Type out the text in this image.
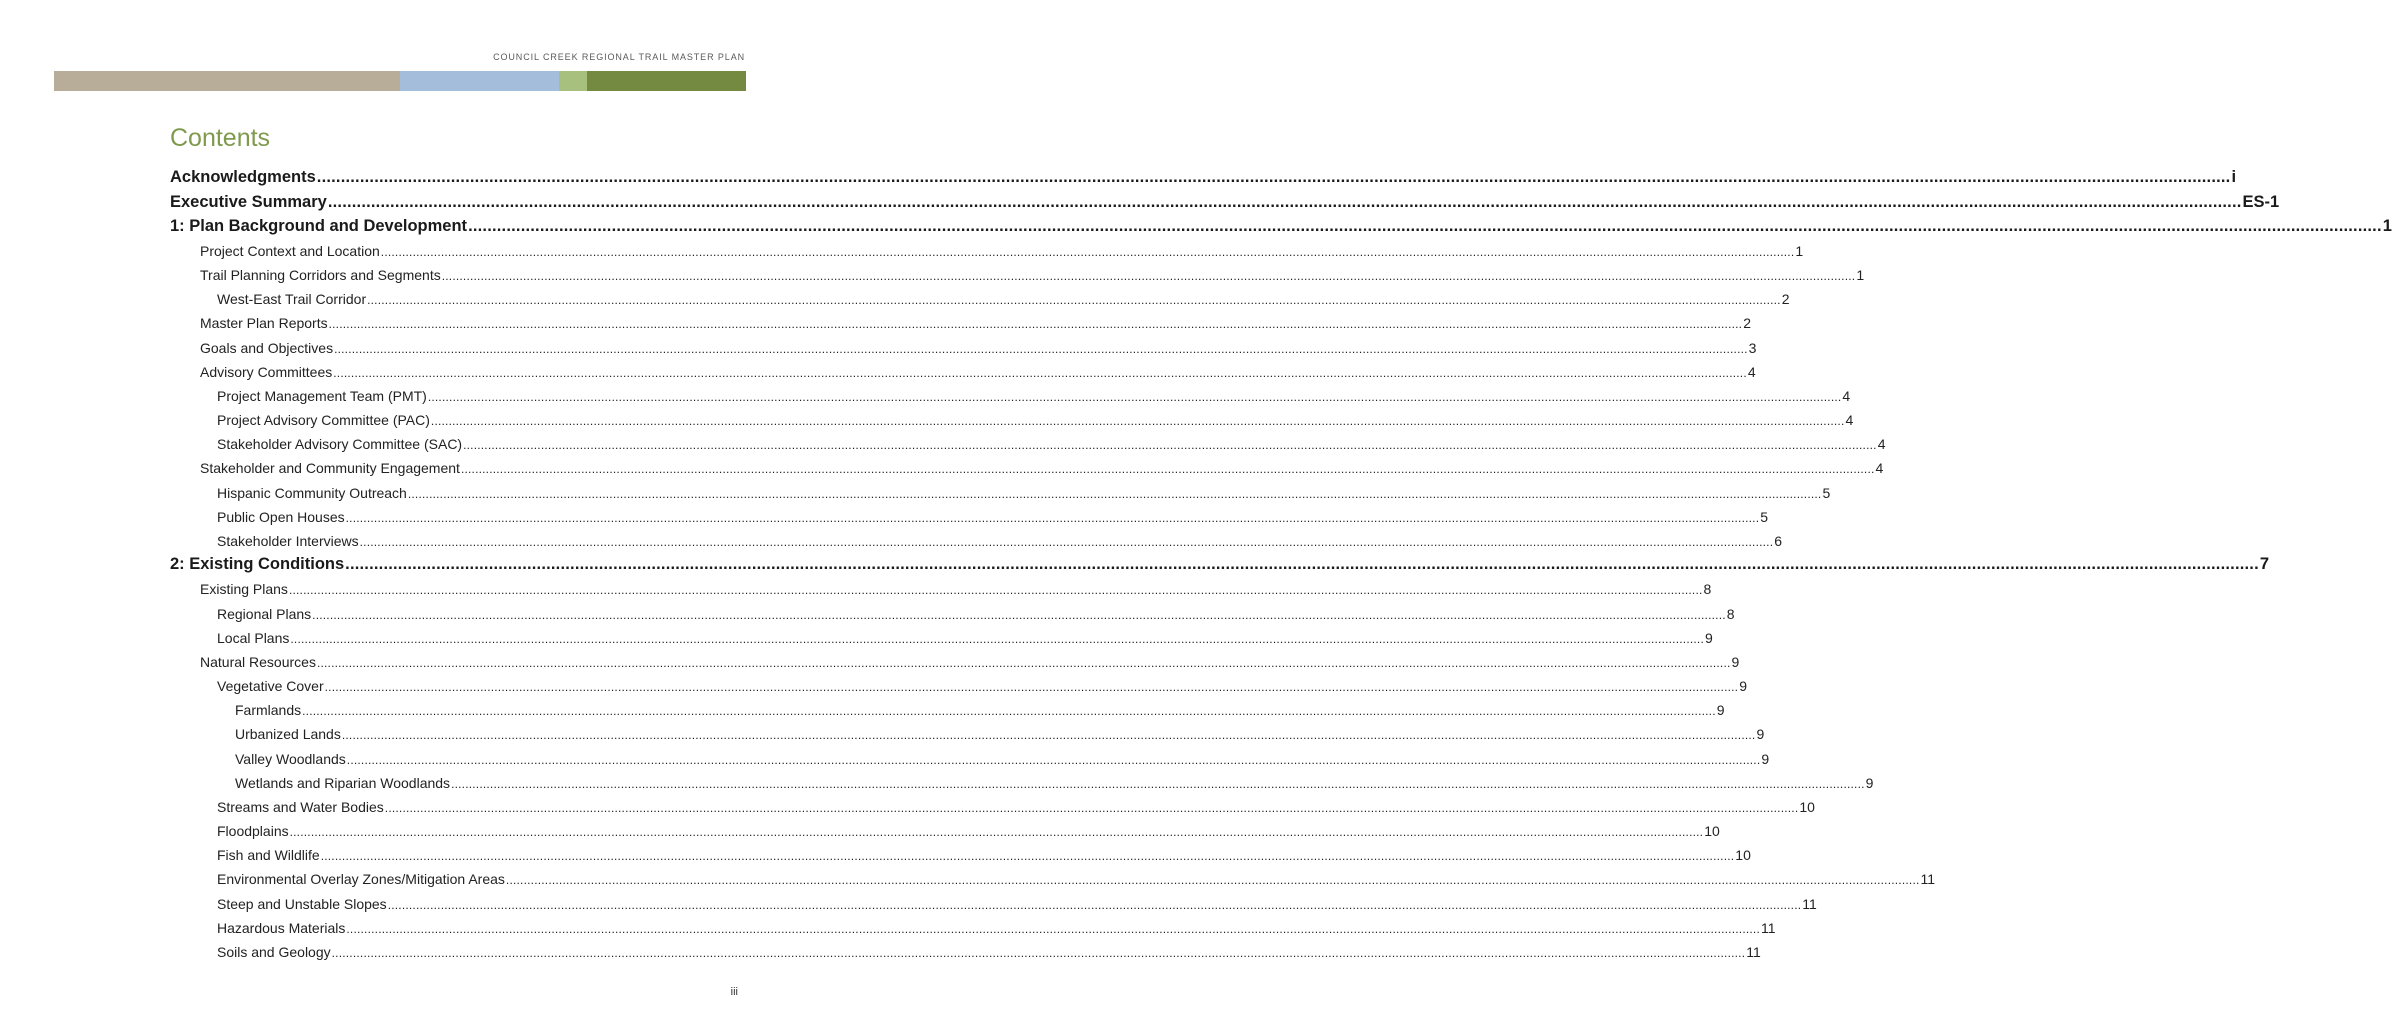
COUNCIL CREEK REGIONAL TRAIL MASTER PLAN
Contents
Acknowledgments ................................................................................................................................................................................................................................................................................................................................................................................................................ i
Executive Summary ................................................................................................................................................................................................................................................................................................................................................................................................................ ES-1
1: Plan Background and Development ................................................................................................................................................................................................................................................................................................................................................................................................................ 1
Project Context and Location ................................................................................................................................................................................................................................................................................................................................................................................................................ 1
Trail Planning Corridors and Segments ................................................................................................................................................................................................................................................................................................................................................................................................................ 1
West-East Trail Corridor ................................................................................................................................................................................................................................................................................................................................................................................................................ 2
Master Plan Reports ................................................................................................................................................................................................................................................................................................................................................................................................................ 2
Goals and Objectives ................................................................................................................................................................................................................................................................................................................................................................................................................ 3
Advisory Committees ................................................................................................................................................................................................................................................................................................................................................................................................................ 4
Project Management Team (PMT) ................................................................................................................................................................................................................................................................................................................................................................................................................ 4
Project Advisory Committee (PAC) ................................................................................................................................................................................................................................................................................................................................................................................................................ 4
Stakeholder Advisory Committee (SAC) ................................................................................................................................................................................................................................................................................................................................................................................................................ 4
Stakeholder and Community Engagement ................................................................................................................................................................................................................................................................................................................................................................................................................ 4
Hispanic Community Outreach ................................................................................................................................................................................................................................................................................................................................................................................................................ 5
Public Open Houses ................................................................................................................................................................................................................................................................................................................................................................................................................ 5
Stakeholder Interviews ................................................................................................................................................................................................................................................................................................................................................................................................................ 6
2: Existing Conditions ................................................................................................................................................................................................................................................................................................................................................................................................................ 7
Existing Plans ................................................................................................................................................................................................................................................................................................................................................................................................................ 8
Regional Plans ................................................................................................................................................................................................................................................................................................................................................................................................................ 8
Local Plans ................................................................................................................................................................................................................................................................................................................................................................................................................ 9
Natural Resources ................................................................................................................................................................................................................................................................................................................................................................................................................ 9
Vegetative Cover ................................................................................................................................................................................................................................................................................................................................................................................................................ 9
Farmlands ................................................................................................................................................................................................................................................................................................................................................................................................................ 9
Urbanized Lands ................................................................................................................................................................................................................................................................................................................................................................................................................ 9
Valley Woodlands ................................................................................................................................................................................................................................................................................................................................................................................................................ 9
Wetlands and Riparian Woodlands ................................................................................................................................................................................................................................................................................................................................................................................................................ 9
Streams and Water Bodies ................................................................................................................................................................................................................................................................................................................................................................................................................ 10
Floodplains ................................................................................................................................................................................................................................................................................................................................................................................................................ 10
Fish and Wildlife ................................................................................................................................................................................................................................................................................................................................................................................................................ 10
Environmental Overlay Zones/Mitigation Areas ................................................................................................................................................................................................................................................................................................................................................................................................................ 11
Steep and Unstable Slopes ................................................................................................................................................................................................................................................................................................................................................................................................................ 11
Hazardous Materials ................................................................................................................................................................................................................................................................................................................................................................................................................ 11
Soils and Geology ................................................................................................................................................................................................................................................................................................................................................................................................................ 11
iii
